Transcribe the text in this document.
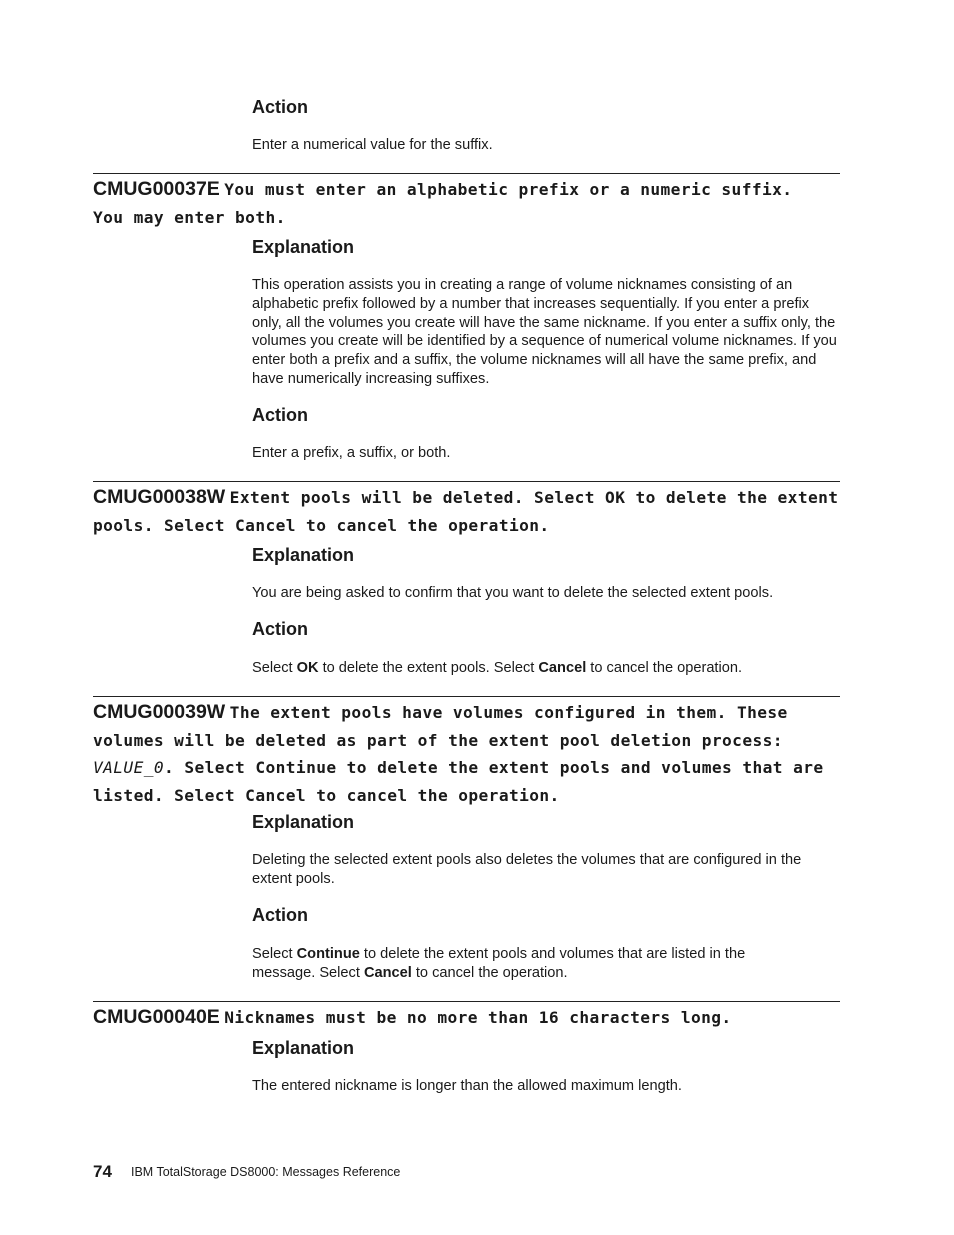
Action
Enter a numerical value for the suffix.
CMUG00037E You must enter an alphabetic prefix or a numeric suffix. You may enter both.
Explanation
This operation assists you in creating a range of volume nicknames consisting of an alphabetic prefix followed by a number that increases sequentially. If you enter a prefix only, all the volumes you create will have the same nickname. If you enter a suffix only, the volumes you create will be identified by a sequence of numerical volume nicknames. If you enter both a prefix and a suffix, the volume nicknames will all have the same prefix, and have numerically increasing suffixes.
Action
Enter a prefix, a suffix, or both.
CMUG00038W Extent pools will be deleted. Select OK to delete the extent pools. Select Cancel to cancel the operation.
Explanation
You are being asked to confirm that you want to delete the selected extent pools.
Action
Select OK to delete the extent pools. Select Cancel to cancel the operation.
CMUG00039W The extent pools have volumes configured in them. These volumes will be deleted as part of the extent pool deletion process: VALUE_0. Select Continue to delete the extent pools and volumes that are listed. Select Cancel to cancel the operation.
Explanation
Deleting the selected extent pools also deletes the volumes that are configured in the extent pools.
Action
Select Continue to delete the extent pools and volumes that are listed in the message. Select Cancel to cancel the operation.
CMUG00040E Nicknames must be no more than 16 characters long.
Explanation
The entered nickname is longer than the allowed maximum length.
74 IBM TotalStorage DS8000: Messages Reference
